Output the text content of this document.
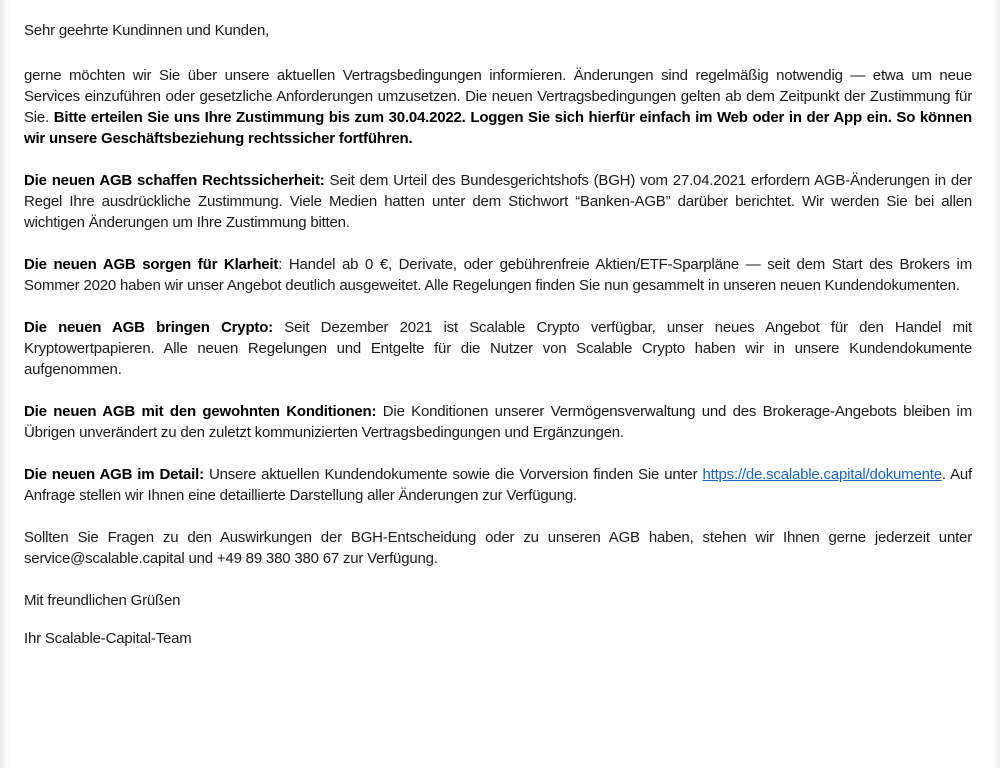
Sehr geehrte Kundinnen und Kunden,

gerne möchten wir Sie über unsere aktuellen Vertragsbedingungen informieren. Änderungen sind regelmäßig notwendig — etwa um neue Services einzuführen oder gesetzliche Anforderungen umzusetzen. Die neuen Vertragsbedingungen gelten ab dem Zeitpunkt der Zustimmung für Sie. Bitte erteilen Sie uns Ihre Zustimmung bis zum 30.04.2022. Loggen Sie sich hierfür einfach im Web oder in der App ein. So können wir unsere Geschäftsbeziehung rechtssicher fortführen.

Die neuen AGB schaffen Rechtssicherheit: Seit dem Urteil des Bundesgerichtshofs (BGH) vom 27.04.2021 erfordern AGB-Änderungen in der Regel Ihre ausdrückliche Zustimmung. Viele Medien hatten unter dem Stichwort “Banken-AGB” darüber berichtet. Wir werden Sie bei allen wichtigen Änderungen um Ihre Zustimmung bitten.

Die neuen AGB sorgen für Klarheit: Handel ab 0 €, Derivate, oder gebührenfreie Aktien/ETF-Sparpläne — seit dem Start des Brokers im Sommer 2020 haben wir unser Angebot deutlich ausgeweitet. Alle Regelungen finden Sie nun gesammelt in unseren neuen Kundendokumenten.

Die neuen AGB bringen Crypto: Seit Dezember 2021 ist Scalable Crypto verfügbar, unser neues Angebot für den Handel mit Kryptowertpapieren. Alle neuen Regelungen und Entgelte für die Nutzer von Scalable Crypto haben wir in unsere Kundendokumente aufgenommen.

Die neuen AGB mit den gewohnten Konditionen: Die Konditionen unserer Vermögensverwaltung und des Brokerage-Angebots bleiben im Übrigen unverändert zu den zuletzt kommunizierten Vertragsbedingungen und Ergänzungen.

Die neuen AGB im Detail: Unsere aktuellen Kundendokumente sowie die Vorversion finden Sie unter https://de.scalable.capital/dokumente. Auf Anfrage stellen wir Ihnen eine detaillierte Darstellung aller Änderungen zur Verfügung.

Sollten Sie Fragen zu den Auswirkungen der BGH-Entscheidung oder zu unseren AGB haben, stehen wir Ihnen gerne jederzeit unter service@scalable.capital und +49 89 380 380 67 zur Verfügung.

Mit freundlichen Grüßen

Ihr Scalable-Capital-Team
